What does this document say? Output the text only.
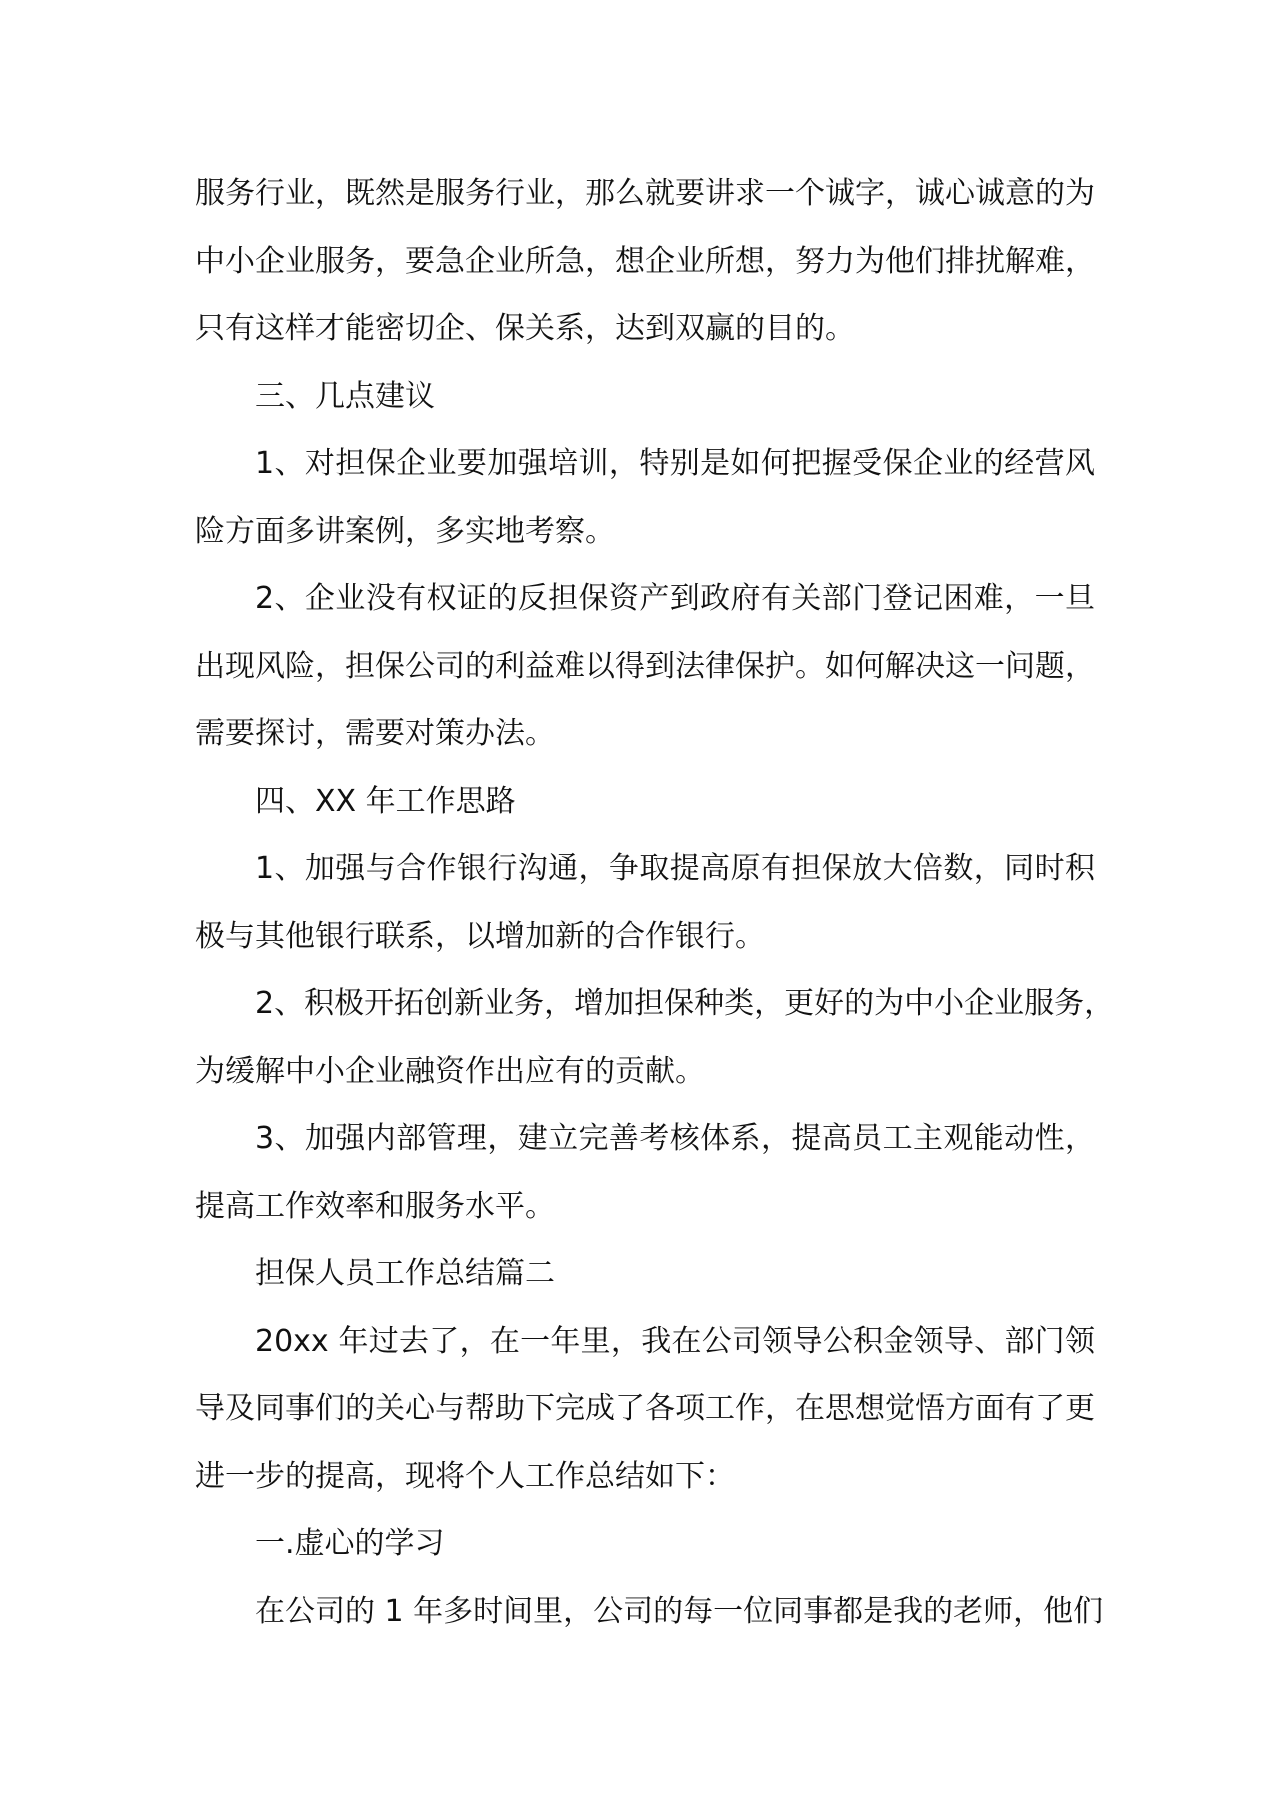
服务行业，既然是服务行业，那么就要讲求一个诚字，诚心诚意的为
中小企业服务，要急企业所急，想企业所想，努力为他们排扰解难，
只有这样才能密切企、保关系，达到双赢的目的。
三、几点建议
1、对担保企业要加强培训，特别是如何把握受保企业的经营风
险方面多讲案例，多实地考察。
2、企业没有权证的反担保资产到政府有关部门登记困难，一旦
出现风险，担保公司的利益难以得到法律保护。如何解决这一问题，
需要探讨，需要对策办法。
四、XX 年工作思路
1、加强与合作银行沟通，争取提高原有担保放大倍数，同时积
极与其他银行联系，以增加新的合作银行。
2、积极开拓创新业务，增加担保种类，更好的为中小企业服务，
为缓解中小企业融资作出应有的贡献。
3、加强内部管理，建立完善考核体系，提高员工主观能动性，
提高工作效率和服务水平。
担保人员工作总结篇二
20xx 年过去了，在一年里，我在公司领导公积金领导、部门领
导及同事们的关心与帮助下完成了各项工作，在思想觉悟方面有了更
进一步的提高，现将个人工作总结如下：
一.虚心的学习
在公司的 1 年多时间里，公司的每一位同事都是我的老师，他们
